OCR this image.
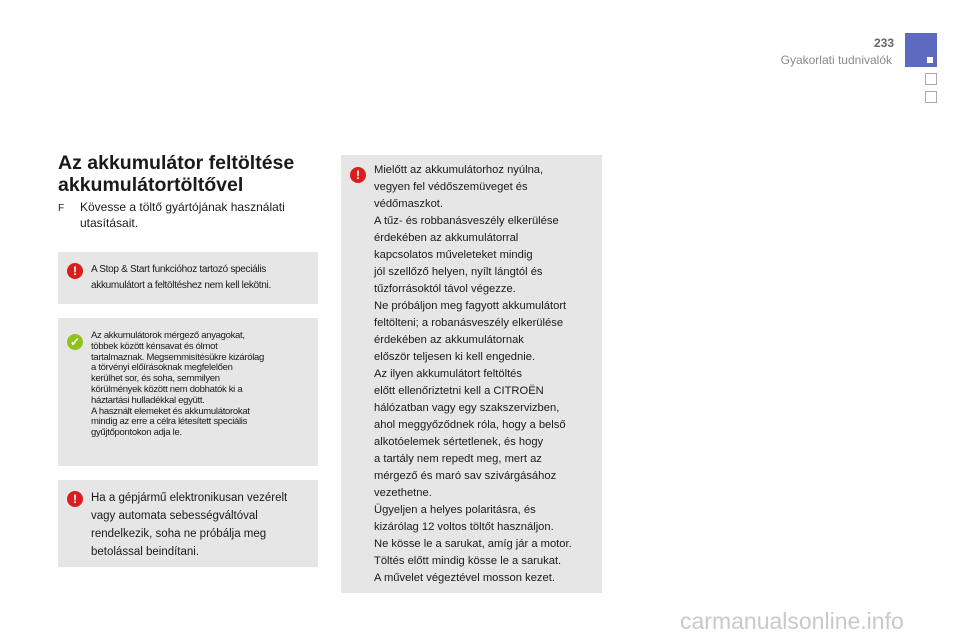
233
Gyakorlati tudnivalók
Az akkumulátor feltöltése
akkumulátortöltővel
F	Kövesse a töltő gyártójának használati utasításait.
!	A Stop & Start funkcióhoz tartozó speciális
akkumulátort a feltöltéshez nem kell lekötni.
✓	Az akkumulátorok mérgező anyagokat,
többek között kénsavat és ólmot
tartalmaznak. Megsemmisítésükre kizárólag
a törvényi előírásoknak megfelelően
kerülhet sor, és soha, semmilyen
körülmények között nem dobhatók ki a
háztartási hulladékkal együtt.
A használt elemeket és akkumulátorokat
mindig az erre a célra létesített speciális
gyűjtőpontokon adja le.
!	Ha a gépjármű elektronikusan vezérelt
vagy automata sebességváltóval
rendelkezik, soha ne próbálja meg
betolással beindítani.
!	Mielőtt az akkumulátorhoz nyúlna,
vegyen fel védőszemüveget és
védőmaszkot.
A tűz- és robbanásveszély elkerülése
érdekében az akkumulátorral
kapcsolatos műveleteket mindig
jól szellőző helyen, nyílt lángtól és
tűzforrásoktól távol végezze.
Ne próbáljon meg fagyott akkumulátort
feltölteni; a robanásveszély elkerülése
érdekében az akkumulátornak
először teljesen ki kell engednie.
Az ilyen akkumulátort feltöltés
előtt ellenőriztetni kell a CITROËN
hálózatban vagy egy szakszervizben,
ahol meggyőződnek róla, hogy a belső
alkotóelemek sértetlenek, és hogy
a tartály nem repedt meg, mert az
mérgező és maró sav szivárgásához
vezethetne.
Ügyeljen a helyes polaritásra, és
kizárólag 12 voltos töltőt használjon.
Ne kösse le a sarukat, amíg jár a motor.
Töltés előtt mindig kösse le a sarukat.
A művelet végeztével mosson kezet.
carmanualsonline.info
